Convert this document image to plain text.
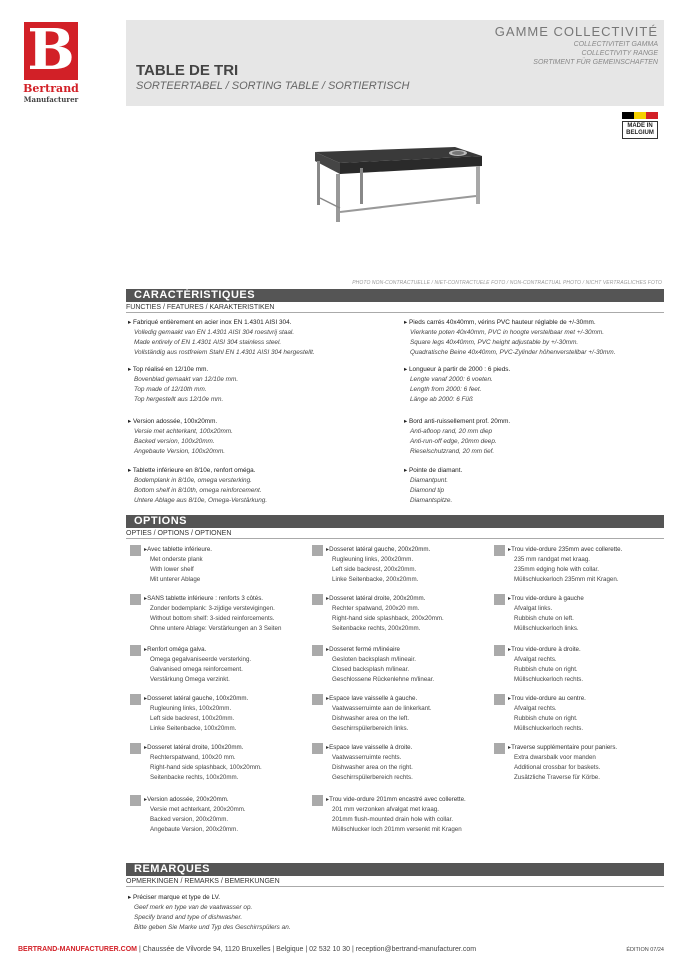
B
Bertrand
Manufacturer
GAMME COLLECTIVITÉ
COLLECTIVITEIT GAMMA
COLLECTIVITY RANGE
SORTIMENT FÜR GEMEINSCHAFTEN
TABLE DE TRI
SORTEERTABEL / SORTING TABLE / SORTIERTISCH
MADE IN
BELGIUM
PHOTO NON-CONTRACTUELLE / NIET-CONTRACTUELE FOTO / NON-CONTRACTUAL PHOTO / NICHT VERTRAGLICHES FOTO
CARACTÉRISTIQUES
FUNCTIES / FEATURES / KARAKTERISTIKEN
▸ Fabriqué entièrement en acier inox EN 1.4301 AISI 304.
Volledig gemaakt van EN 1.4301 AISI 304 roestvrij staal.
Made entirely of EN 1.4301 AISI 304 stainless steel.
Vollständig aus rostfreiem Stahl EN 1.4301 AISI 304 hergestellt.
▸ Top réalisé en 12/10e mm.
Bovenblad gemaakt van 12/10e mm.
Top made of 12/10th mm.
Top hergestellt aus 12/10e mm.
▸ Version adossée, 100x20mm.
Versie met achterkant, 100x20mm.
Backed version, 100x20mm.
Angebaute Version, 100x20mm.
▸ Tablette inférieure en 8/10e, renfort oméga.
Bodemplank in 8/10e, omega versterking.
Bottom shelf in 8/10th, omega reinforcement.
Untere Ablage aus 8/10e, Omega-Verstärkung.
▸ Pieds carrés 40x40mm, vérins PVC hauteur réglable de +/-30mm.
Vierkante poten 40x40mm, PVC in hoogte verstelbaar met +/-30mm.
Square legs 40x40mm, PVC height adjustable by +/-30mm.
Quadratische Beine 40x40mm, PVC-Zylinder höhenverstellbar +/-30mm.
▸ Longueur à partir de 2000 : 6 pieds.
Lengte vanaf 2000: 6 voeten.
Length from 2000: 6 feet.
Länge ab 2000: 6 Füß
▸ Bord anti-ruissellement prof. 20mm.
Anti-afloop rand, 20 mm diep
Anti-run-off edge, 20mm deep.
Rieselschutzrand, 20 mm tief.
▸ Pointe de diamant.
Diamantpunt.
Diamond tip
Diamantspitze.
OPTIONS
OPTIES / OPTIONS / OPTIONEN
▸ Avec tablette inférieure.
Met onderste plank
With lower shelf
Mit unterer Ablage
▸ SANS tablette inférieure : renforts 3 côtés.
Zonder bodemplank: 3-zijdige verstevigingen.
Without bottom shelf: 3-sided reinforcements.
Ohne untere Ablage: Verstärkungen an 3 Seiten
▸ Renfort oméga galva.
Omega gegalvaniseerde versterking.
Galvanised omega reinforcement.
Verstärkung Omega verzinkt.
▸ Dosseret latéral gauche, 100x20mm.
Rugleuning links, 100x20mm.
Left side backrest, 100x20mm.
Linke Seitenbacke, 100x20mm.
▸ Dosseret latéral droite, 100x20mm.
Rechterspatwand, 100x20 mm.
Right-hand side splashback, 100x20mm.
Seitenbacke rechts, 100x20mm.
▸ Version adossée, 200x20mm.
Versie met achterkant, 200x20mm.
Backed version, 200x20mm.
Angebaute Version, 200x20mm.
▸ Dosseret latéral gauche, 200x20mm.
Rugleuning links, 200x20mm.
Left side backrest, 200x20mm.
Linke Seitenbacke, 200x20mm.
▸ Dosseret latéral droite, 200x20mm.
Rechter spatwand, 200x20 mm.
Right-hand side splashback, 200x20mm.
Seitenbacke rechts, 200x20mm.
▸ Dosseret fermé m/linéaire
Gesloten backsplash m/lineair.
Closed backsplash m/linear.
Geschlossene Rückenlehne m/linear.
▸ Espace lave vaisselle à gauche.
Vaatwasserruimte aan de linkerkant.
Dishwasher area on the left.
Geschirrspülerbereich links.
▸ Espace lave vaisselle à droite.
Vaatwasserruimte rechts.
Dishwasher area on the right.
Geschirrspülerbereich rechts.
▸ Trou vide-ordure 201mm encastré avec collerette.
201 mm verzonken afvalgat met kraag.
201mm flush-mounted drain hole with collar.
Müllschlucker loch 201mm versenkt mit Kragen
▸ Trou vide-ordure 235mm avec collerette.
235 mm randgat met kraag.
235mm edging hole with collar.
Müllschluckerloch 235mm mit Kragen.
▸ Trou vide-ordure à gauche
Afvalgat links.
Rubbish chute on left.
Müllschluckerloch links.
▸ Trou vide-ordure à droite.
Afvalgat rechts.
Rubbish chute on right.
Müllschluckerloch rechts.
▸ Trou vide-ordure au centre.
Afvalgat rechts.
Rubbish chute on right.
Müllschluckerloch rechts.
▸ Traverse supplémentaire pour paniers.
Extra dwarsbalk voor manden
Additional crossbar for baskets.
Zusätzliche Traverse für Körbe.
REMARQUES
OPMERKINGEN / REMARKS / BEMERKUNGEN
▸ Préciser marque et type de LV.
Geef merk en type van de vaatwasser op.
Specify brand and type of dishwasher.
Bitte geben Sie Marke und Typ des Geschirrspülers an.
BERTRAND-MANUFACTURER.COM | Chaussée de Vilvorde 94, 1120 Bruxelles | Belgique | 02 532 10 30 | reception@bertrand-manufacturer.com	ÉDITION 07/24
